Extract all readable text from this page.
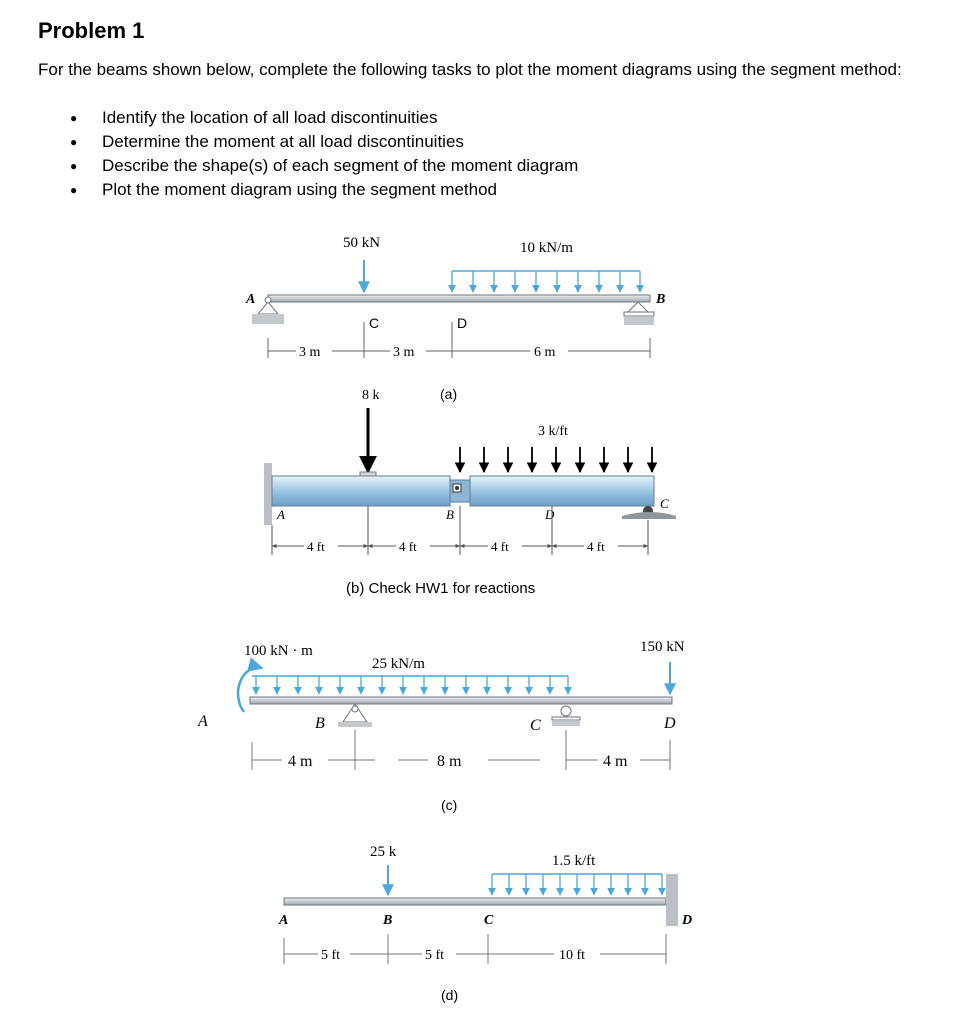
Problem 1

For the beams shown below, complete the following tasks to plot the moment diagrams using the segment method:

● Identify the location of all load discontinuities
● Determine the moment at all load discontinuities
● Describe the shape(s) of each segment of the moment diagram
● Plot the moment diagram using the segment method
A	B
C	D
50 kN	10 kN/m
3 m	3 m	6 m
(a)
A	B
C
D
8 k
3 k/ft
4 ft	4 ft	4 ft	4 ft
(b) Check HW1 for reactions
100 kN · m
25 kN/m
150 kN
A	B	C	D
4 m	8 m	4 m
(c)
25 k
1.5 k/ft
A	B	C	D
5 ft	5 ft	10 ft
(d)
